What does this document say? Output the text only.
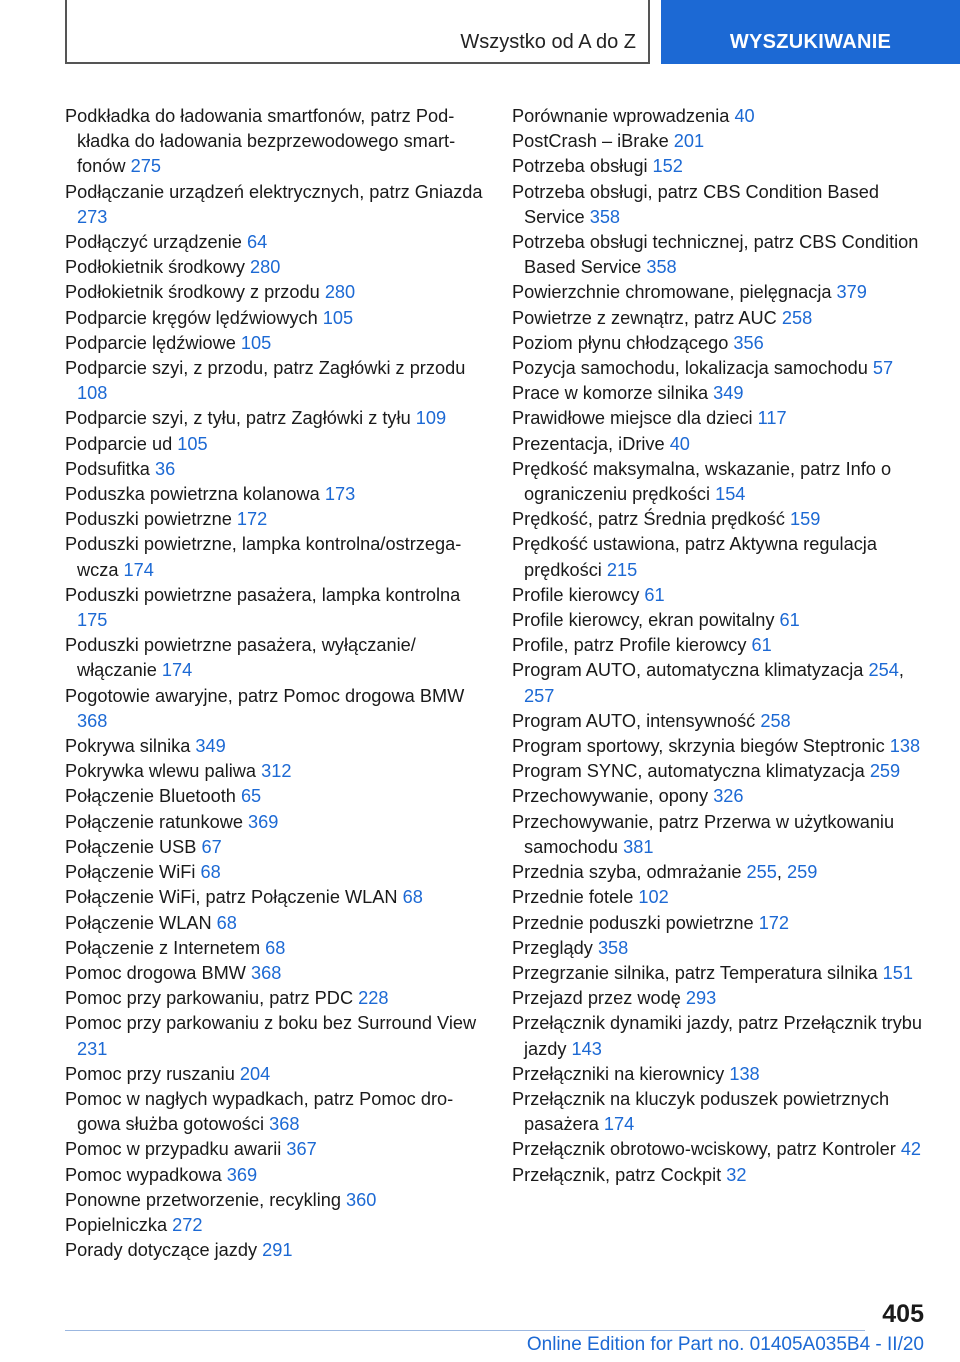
Wszystko od A do Z	WYSZUKIWANIE
Podkładka do ładowania smartfonów, patrz Podkładka do ładowania bezprzewodowego smartfonów 275
Podłączanie urządzeń elektrycznych, patrz Gniazda 273
Podłączyć urządzenie 64
Podłokietnik środkowy 280
Podłokietnik środkowy z przodu 280
Podparcie kręgów lędźwiowych 105
Podparcie lędźwiowe 105
Podparcie szyi, z przodu, patrz Zagłówki z przodu 108
Podparcie szyi, z tyłu, patrz Zagłówki z tyłu 109
Podparcie ud 105
Podsufitka 36
Poduszka powietrzna kolanowa 173
Poduszki powietrzne 172
Poduszki powietrzne, lampka kontrolna/ostrzegawcza 174
Poduszki powietrzne pasażera, lampka kontrolna 175
Poduszki powietrzne pasażera, wyłączanie/​włączanie 174
Pogotowie awaryjne, patrz Pomoc drogowa BMW 368
Pokrywa silnika 349
Pokrywka wlewu paliwa 312
Połączenie Bluetooth 65
Połączenie ratunkowe 369
Połączenie USB 67
Połączenie WiFi 68
Połączenie WiFi, patrz Połączenie WLAN 68
Połączenie WLAN 68
Połączenie z Internetem 68
Pomoc drogowa BMW 368
Pomoc przy parkowaniu, patrz PDC 228
Pomoc przy parkowaniu z boku bez Surround View 231
Pomoc przy ruszaniu 204
Pomoc w nagłych wypadkach, patrz Pomoc drogowa służba gotowości 368
Pomoc w przypadku awarii 367
Pomoc wypadkowa 369
Ponowne przetworzenie, recykling 360
Popielniczka 272
Porady dotyczące jazdy 291
Porównanie wprowadzenia 40
PostCrash – iBrake 201
Potrzeba obsługi 152
Potrzeba obsługi, patrz CBS Condition Based Service 358
Potrzeba obsługi technicznej, patrz CBS Condition Based Service 358
Powierzchnie chromowane, pielęgnacja 379
Powietrze z zewnątrz, patrz AUC 258
Poziom płynu chłodzącego 356
Pozycja samochodu, lokalizacja samochodu 57
Prace w komorze silnika 349
Prawidłowe miejsce dla dzieci 117
Prezentacja, iDrive 40
Prędkość maksymalna, wskazanie, patrz Info o ograniczeniu prędkości 154
Prędkość, patrz Średnia prędkość 159
Prędkość ustawiona, patrz Aktywna regulacja prędkości 215
Profile kierowcy 61
Profile kierowcy, ekran powitalny 61
Profile, patrz Profile kierowcy 61
Program AUTO, automatyczna klimatyzacja 254, 257
Program AUTO, intensywność 258
Program sportowy, skrzynia biegów Steptronic 138
Program SYNC, automatyczna klimatyzacja 259
Przechowywanie, opony 326
Przechowywanie, patrz Przerwa w użytkowaniu samochodu 381
Przednia szyba, odmrażanie 255, 259
Przednie fotele 102
Przednie poduszki powietrzne 172
Przeglądy 358
Przegrzanie silnika, patrz Temperatura silnika 151
Przejazd przez wodę 293
Przełącznik dynamiki jazdy, patrz Przełącznik trybu jazdy 143
Przełączniki na kierownicy 138
Przełącznik na kluczyk poduszek powietrznych pasażera 174
Przełącznik obrotowo-wciskowy, patrz Kontroler 42
Przełącznik, patrz Cockpit 32
405
Online Edition for Part no. 01405A035B4 - II/20
